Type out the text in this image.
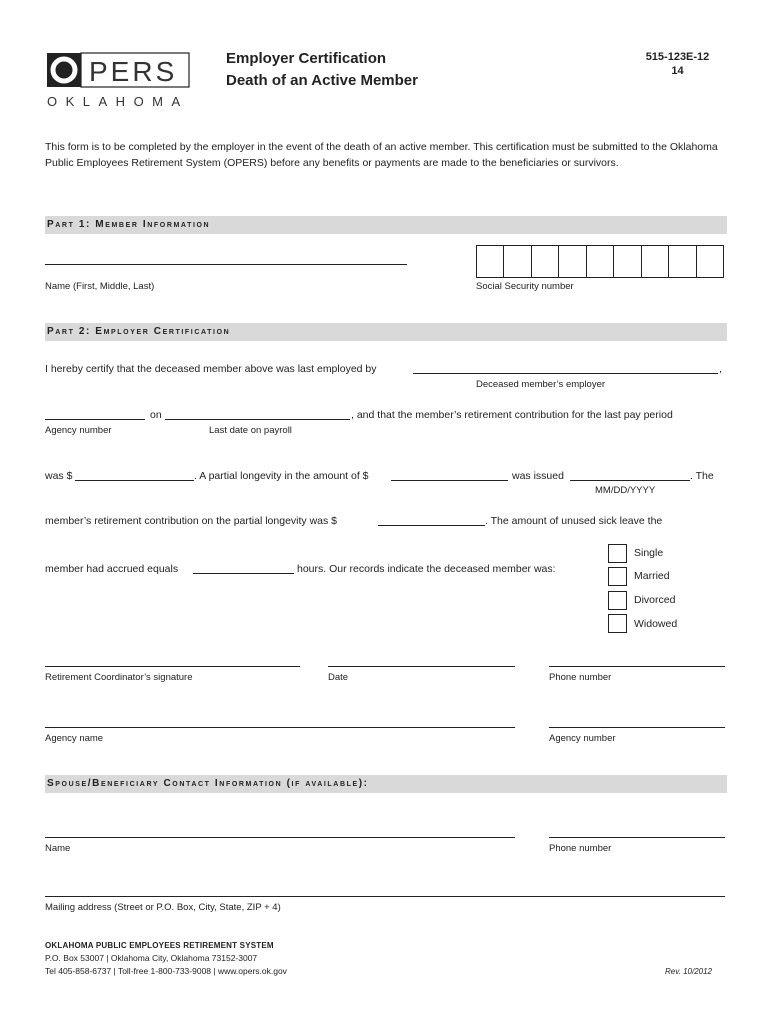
PERS
OKLAHOMA
Employer Certification
Death of an Active Member
515-123E-12
14
This form is to be completed by the employer in the event of the death of an active member. This certification must be submitted to the Oklahoma Public Employees Retirement System (OPERS) before any benefits or payments are made to the beneficiaries or survivors.
Part 1: Member Information
Name (First, Middle, Last)	Social Security number
Part 2: Employer Certification
I hereby certify that the deceased member above was last employed by	,
Deceased member’s employer
on	, and that the member’s retirement contribution for the last pay period
Agency number	Last date on payroll
was $	. A partial longevity in the amount of $	was issued	. The
MM/DD/YYYY
member’s retirement contribution on the partial longevity was $	. The amount of unused sick leave the
member had accrued equals	hours. Our records indicate the deceased member was:
Single
Married
Divorced
Widowed
Retirement Coordinator’s signature	Date	Phone number
Agency name	Agency number
Spouse/Beneficiary Contact Information (if available):
Name	Phone number
Mailing address (Street or P.O. Box, City, State, ZIP + 4)
OKLAHOMA PUBLIC EMPLOYEES RETIREMENT SYSTEM
P.O. Box 53007 | Oklahoma City, Oklahoma 73152-3007
Tel 405-858-6737 | Toll-free 1-800-733-9008 | www.opers.ok.gov	Rev. 10/2012
